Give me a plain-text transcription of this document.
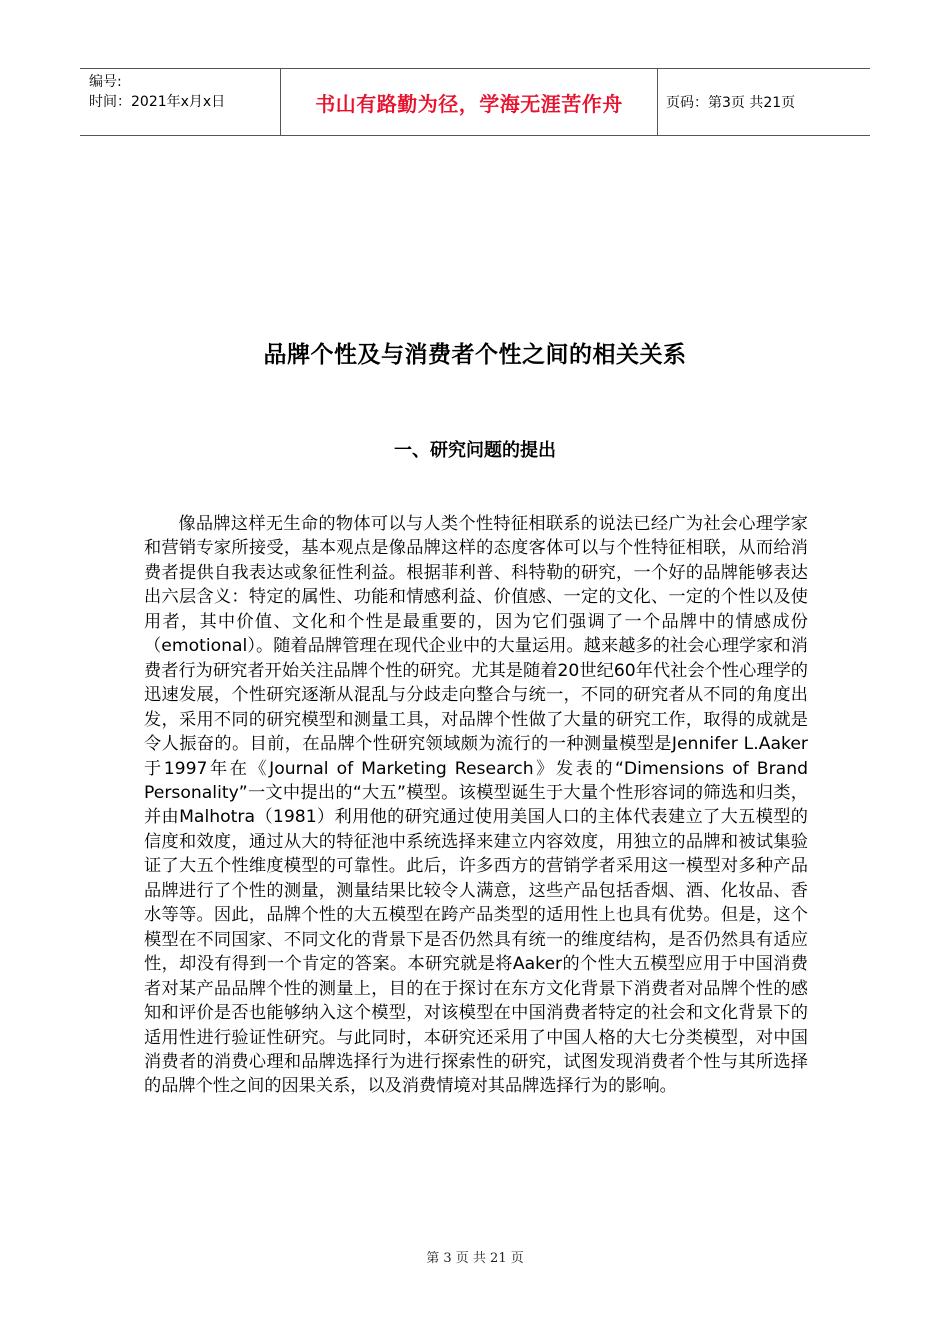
编号:
时间：2021年x月x日	书山有路勤为径，学海无涯苦作舟	页码：第3页 共21页
品牌个性及与消费者个性之间的相关关系
一、研究问题的提出

像品牌这样无生命的物体可以与人类个性特征相联系的说法已经广为社会心理学家和营销专家所接受，基本观点是像品牌这样的态度客体可以与个性特征相联，从而给消费者提供自我表达或象征性利益。根据菲利普、科特勒的研究，一个好的品牌能够表达出六层含义：特定的属性、功能和情感利益、价值感、一定的文化、一定的个性以及使用者，其中价值、文化和个性是最重要的，因为它们强调了一个品牌中的情感成份（emotional）。随着品牌管理在现代企业中的大量运用。越来越多的社会心理学家和消费者行为研究者开始关注品牌个性的研究。尤其是随着20世纪60年代社会个性心理学的迅速发展，个性研究逐渐从混乱与分歧走向整合与统一，不同的研究者从不同的角度出发，采用不同的研究模型和测量工具，对品牌个性做了大量的研究工作，取得的成就是令人振奋的。目前，在品牌个性研究领域颇为流行的一种测量模型是Jennifer L.Aaker于1997年在《Journal of Marketing Research》发表的“Dimensions of Brand Personality”一文中提出的“大五”模型。该模型诞生于大量个性形容词的筛选和归类，并由Malhotra（1981）利用他的研究通过使用美国人口的主体代表建立了大五模型的信度和效度，通过从大的特征池中系统选择来建立内容效度，用独立的品牌和被试集验证了大五个性维度模型的可靠性。此后，许多西方的营销学者采用这一模型对多种产品品牌进行了个性的测量，测量结果比较令人满意，这些产品包括香烟、酒、化妆品、香水等等。因此，品牌个性的大五模型在跨产品类型的适用性上也具有优势。但是，这个模型在不同国家、不同文化的背景下是否仍然具有统一的维度结构，是否仍然具有适应性，却没有得到一个肯定的答案。本研究就是将Aaker的个性大五模型应用于中国消费者对某产品品牌个性的测量上，目的在于探讨在东方文化背景下消费者对品牌个性的感知和评价是否也能够纳入这个模型，对该模型在中国消费者特定的社会和文化背景下的适用性进行验证性研究。与此同时，本研究还采用了中国人格的大七分类模型，对中国消费者的消费心理和品牌选择行为进行探索性的研究，试图发现消费者个性与其所选择的品牌个性之间的因果关系，以及消费情境对其品牌选择行为的影响。

第 3 页 共 21 页
